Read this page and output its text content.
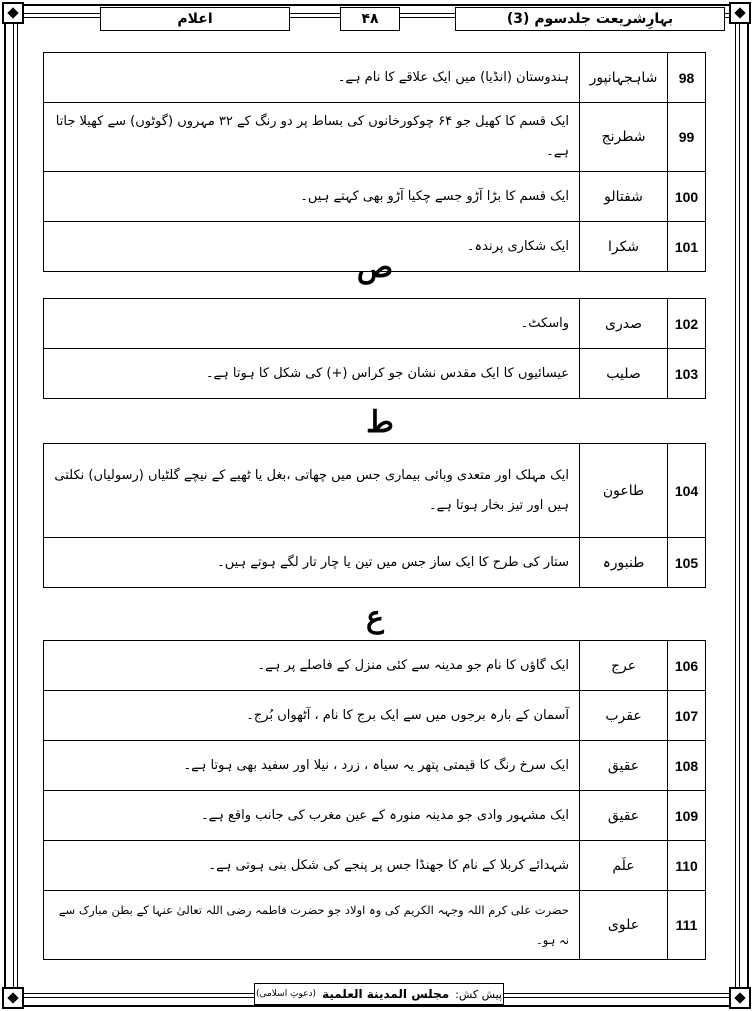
بہارِشریعت جلدسوم (3)
۴۸
اعلام
98	شاہجہانپور	ہندوستان (انڈیا) میں ایک علاقے کا نام ہے۔
99	شطرنج	ایک قسم کا کھیل جو ۶۴ چوکورخانوں کی بساط پر دو رنگ کے ۳۲ مہروں (گوٹوں) سے کھیلا جاتا ہے۔
100	شفتالو	ایک قسم کا بڑا آڑو جسے چکیا آڑو بھی کہتے ہیں۔
101	شکرا	ایک شکاری پرندہ۔
ص
102	صدری	واسکٹ۔
103	صلیب	عیسائیوں کا ایک مقدس نشان جو کراس (+) کی شکل کا ہوتا ہے۔
ط
104	طاعون	ایک مہلک اور متعدی وبائی بیماری جس میں چھاتی ،بغل یا ٹھیے کے نیچے گلٹیاں (رسولیاں) نکلتی ہیں اور تیز بخار ہوتا ہے۔
105	طنبورہ	ستار کی طرح کا ایک ساز جس میں تین یا چار تار لگے ہوتے ہیں۔
ع
106	عرج	ایک گاؤں کا نام جو مدینہ سے کئی منزل کے فاصلے پر ہے۔
107	عقرب	آسمان کے بارہ برجوں میں سے ایک برج کا نام ، آٹھواں بُرج۔
108	عقیق	ایک سرخ رنگ کا قیمتی پتھر یہ سیاہ ، زرد ، نیلا اور سفید بھی ہوتا ہے۔
109	عقیق	ایک مشہور وادی جو مدینہ منورہ کے عین مغرب کی جانب واقع ہے۔
110	علَم	شہدائے کربلا کے نام کا جھنڈا جس پر پنجے کی شکل بنی ہوتی ہے۔
111	علوی	حضرت علی کرم اللہ وجہہ الکریم کی وہ اولاد جو حضرت فاطمہ رضی اللہ تعالیٰ عنہا کے بطن مبارک سے نہ ہو۔
پیش کش:
مجلس المدينة العلمية
(دعوتِ اسلامی)
